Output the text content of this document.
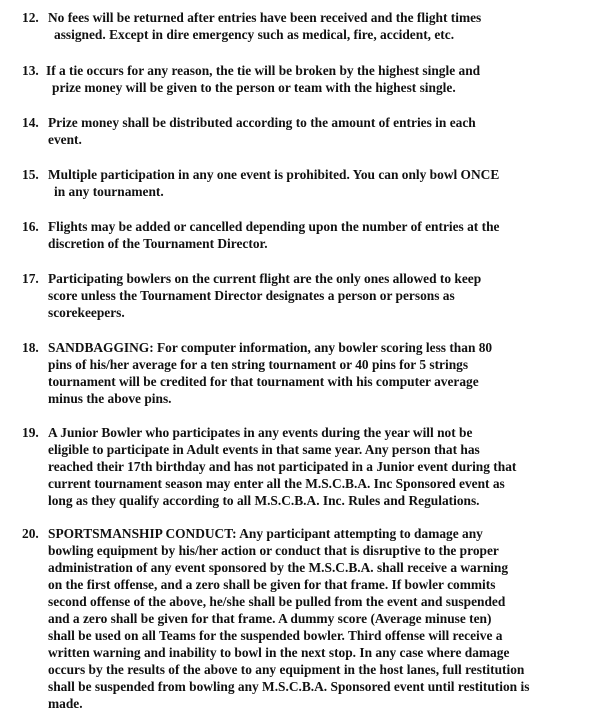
12. No fees will be returned after entries have been received and the flight times
assigned. Except in dire emergency such as medical, fire, accident, etc.
13. If a tie occurs for any reason, the tie will be broken by the highest single and
prize money will be given to the person or team with the highest single.
14. Prize money shall be distributed according to the amount of entries in each
event.
15. Multiple participation in any one event is prohibited. You can only bowl ONCE
in any tournament.
16. Flights may be added or cancelled depending upon the number of entries at the
discretion of the Tournament Director.
17. Participating bowlers on the current flight are the only ones allowed to keep
score unless the Tournament Director designates a person or persons as
scorekeepers.
18. SANDBAGGING: For computer information, any bowler scoring less than 80
pins of his/her average for a ten string tournament or 40 pins for 5 strings
tournament will be credited for that tournament with his computer average
minus the above pins.
19. A Junior Bowler who participates in any events during the year will not be
eligible to participate in Adult events in that same year. Any person that has
reached their 17th birthday and has not participated in a Junior event during that
current tournament season may enter all the M.S.C.B.A. Inc Sponsored event as
long as they qualify according to all M.S.C.B.A. Inc. Rules and Regulations.
20. SPORTSMANSHIP CONDUCT: Any participant attempting to damage any
bowling equipment by his/her action or conduct that is disruptive to the proper
administration of any event sponsored by the M.S.C.B.A. shall receive a warning
on the first offense, and a zero shall be given for that frame. If bowler commits
second offense of the above, he/she shall be pulled from the event and suspended
and a zero shall be given for that frame. A dummy score (Average minuse ten)
shall be used on all Teams for the suspended bowler. Third offense will receive a
written warning and inability to bowl in the next stop. In any case where damage
occurs by the results of the above to any equipment in the host lanes, full restitution
shall be suspended from bowling any M.S.C.B.A. Sponsored event until restitution is
made.
